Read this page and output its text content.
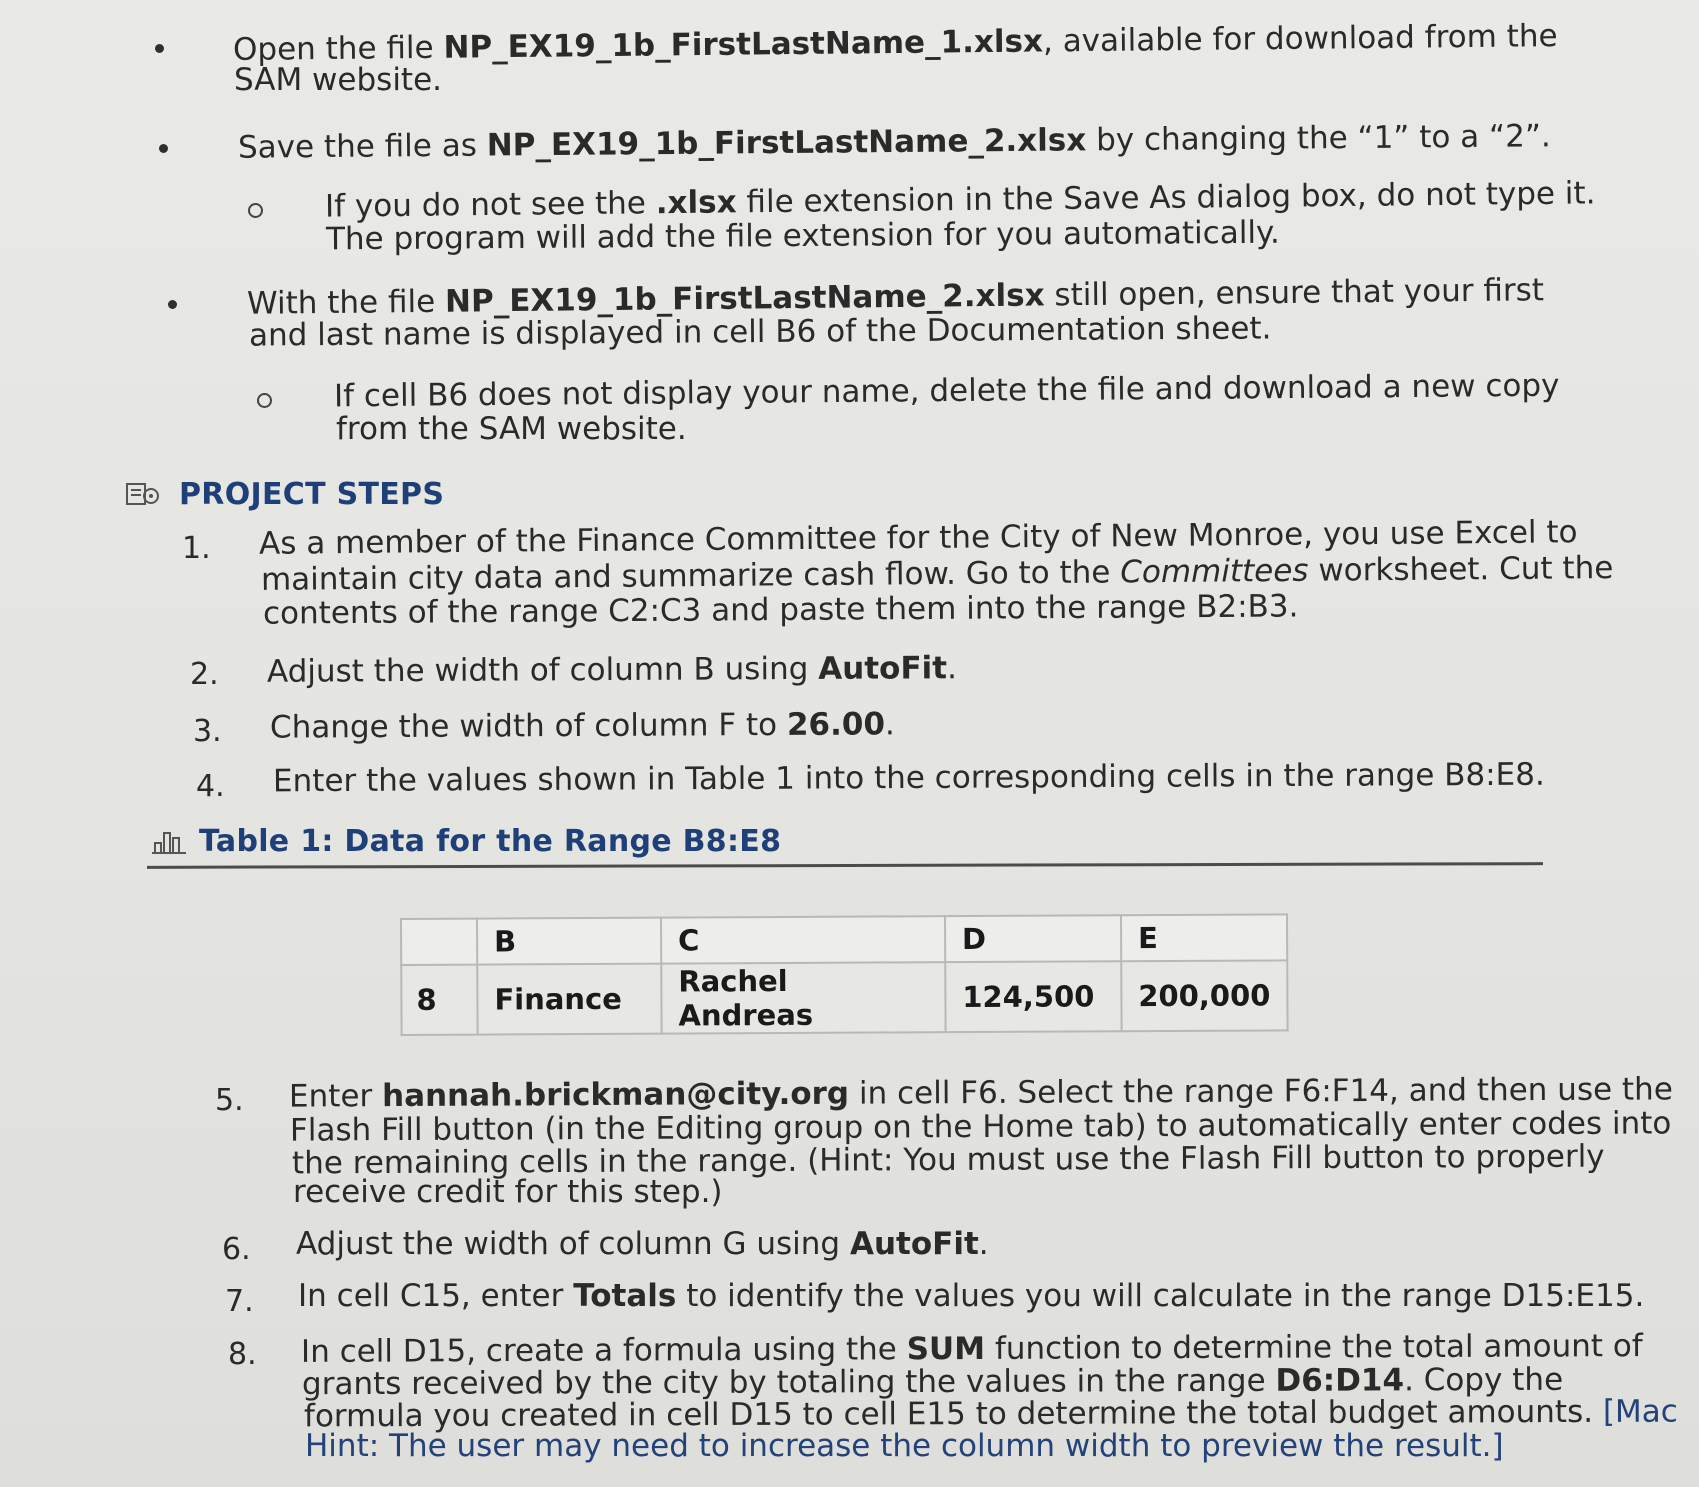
Open the file NP_EX19_1b_FirstLastName_1.xlsx, available for download from the
SAM website.
Save the file as NP_EX19_1b_FirstLastName_2.xlsx by changing the “1” to a “2”.
If you do not see the .xlsx file extension in the Save As dialog box, do not type it.
The program will add the file extension for you automatically.
With the file NP_EX19_1b_FirstLastName_2.xlsx still open, ensure that your first
and last name is displayed in cell B6 of the Documentation sheet.
If cell B6 does not display your name, delete the file and download a new copy
from the SAM website.
PROJECT STEPS
1. As a member of the Finance Committee for the City of New Monroe, you use Excel to
maintain city data and summarize cash flow. Go to the Committees worksheet. Cut the
contents of the range C2:C3 and paste them into the range B2:B3.
2. Adjust the width of column B using AutoFit.
3. Change the width of column F to 26.00.
4. Enter the values shown in Table 1 into the corresponding cells in the range B8:E8.
Table 1: Data for the Range B8:E8
	B	C	D	E
8	Finance	Rachel Andreas	124,500	200,000
5. Enter hannah.brickman@city.org in cell F6. Select the range F6:F14, and then use the
Flash Fill button (in the Editing group on the Home tab) to automatically enter codes into
the remaining cells in the range. (Hint: You must use the Flash Fill button to properly
receive credit for this step.)
6. Adjust the width of column G using AutoFit.
7. In cell C15, enter Totals to identify the values you will calculate in the range D15:E15.
8. In cell D15, create a formula using the SUM function to determine the total amount of
grants received by the city by totaling the values in the range D6:D14. Copy the
formula you created in cell D15 to cell E15 to determine the total budget amounts. [Mac
Hint: The user may need to increase the column width to preview the result.]
